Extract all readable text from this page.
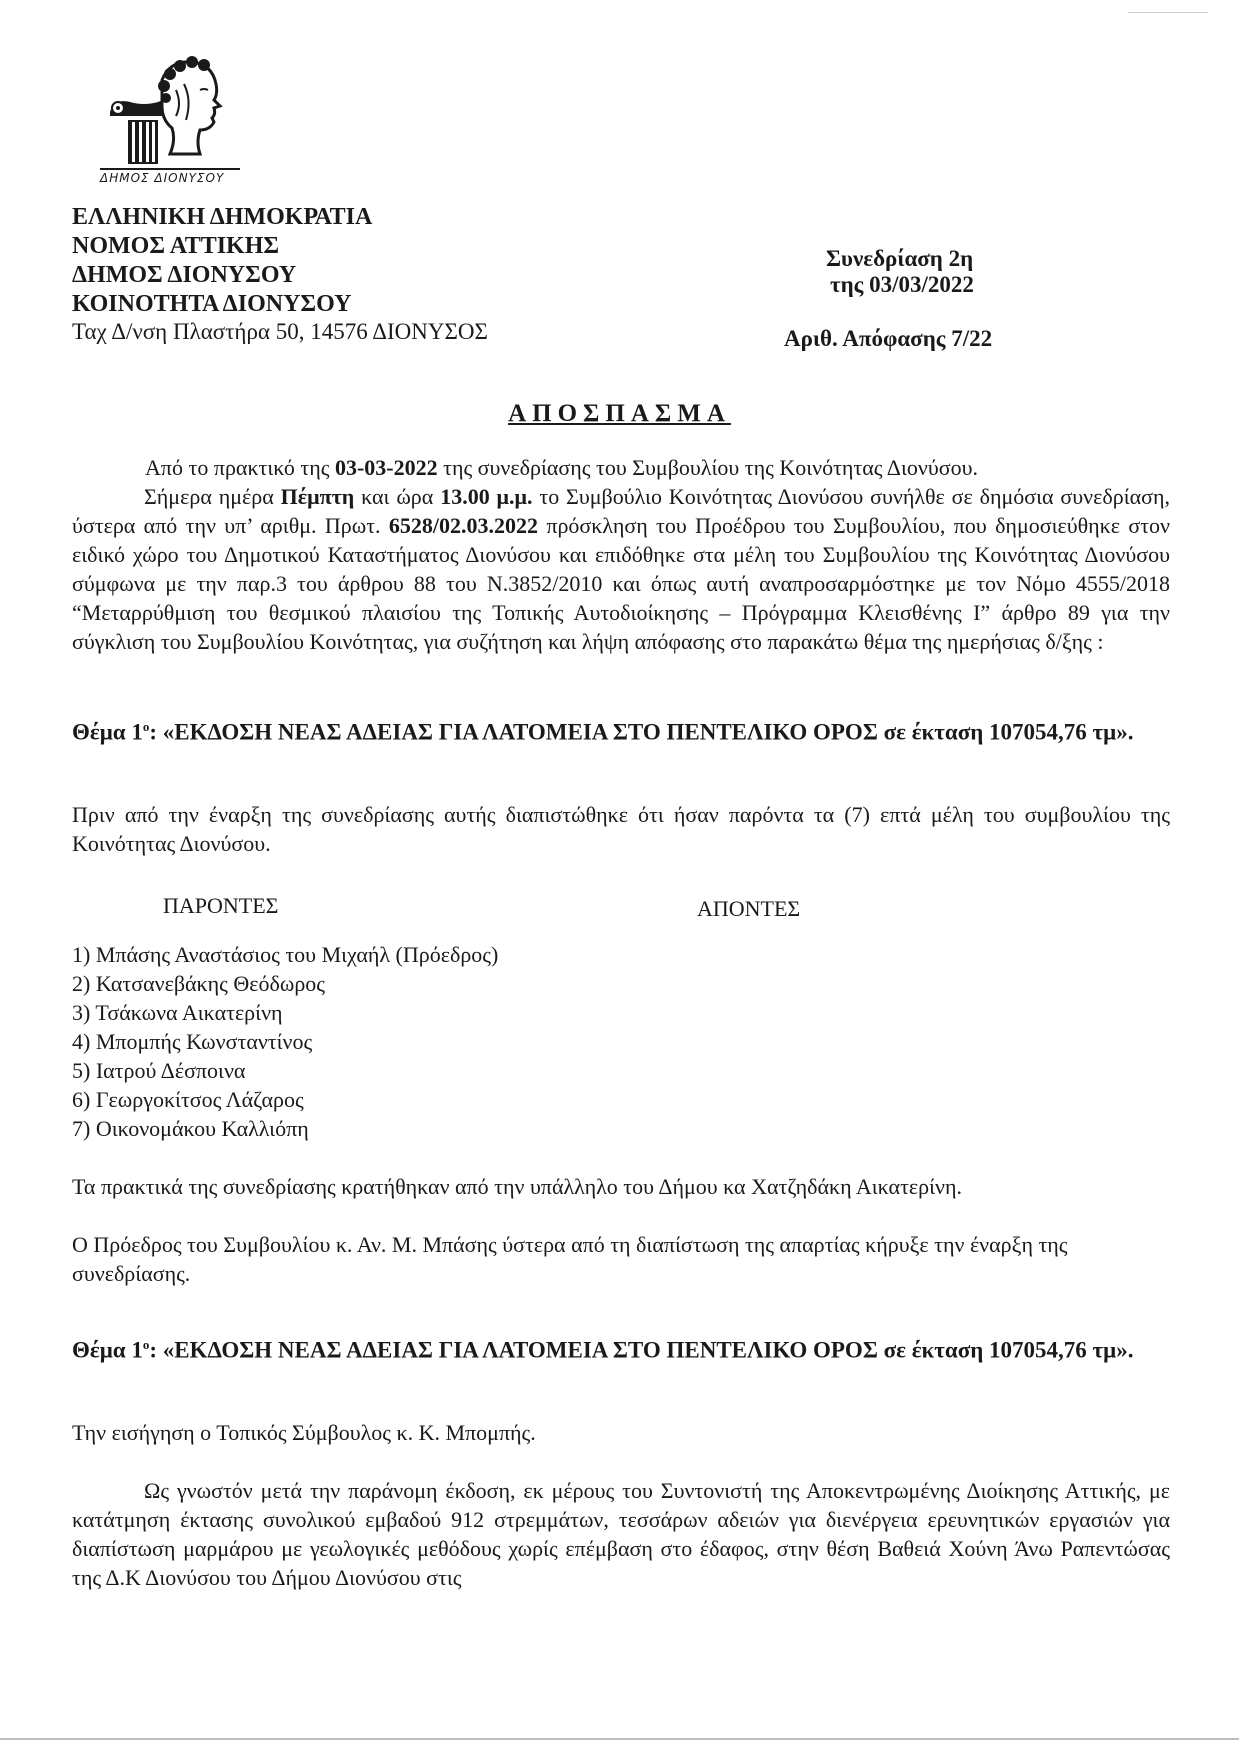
ΔΗΜΟΣ ΔΙΟΝΥΣΟΥ
ΕΛΛΗΝΙΚΗ ΔΗΜΟΚΡΑΤΙΑ
ΝΟΜΟΣ ΑΤΤΙΚΗΣ
ΔΗΜΟΣ ΔΙΟΝΥΣΟΥ
ΚΟΙΝΟΤΗΤΑ ΔΙΟΝΥΣΟΥ
Ταχ Δ/νση Πλαστήρα 50, 14576 ΔΙΟΝΥΣΟΣ
Συνεδρίαση 2η
της 03/03/2022
Αριθ. Απόφασης 7/22
ΑΠΟΣΠΑΣΜΑ
Από το πρακτικό της 03-03-2022 της συνεδρίασης του Συμβουλίου της Κοινότητας Διονύσου.
Σήμερα ημέρα Πέμπτη και ώρα 13.00 μ.μ. το Συμβούλιο Κοινότητας Διονύσου συνήλθε σε δημόσια συνεδρίαση, ύστερα από την υπ’ αριθμ. Πρωτ. 6528/02.03.2022 πρόσκληση του Προέδρου του Συμβουλίου, που δημοσιεύθηκε στον ειδικό χώρο του Δημοτικού Καταστήματος Διονύσου και επιδόθηκε στα μέλη του Συμβουλίου της Κοινότητας Διονύσου σύμφωνα με την παρ.3 του άρθρου 88 του Ν.3852/2010 και όπως αυτή αναπροσαρμόστηκε με τον Νόμο 4555/2018 “Μεταρρύθμιση του θεσμικού πλαισίου της Τοπικής Αυτοδιοίκησης – Πρόγραμμα Κλεισθένης Ι” άρθρο 89 για την σύγκλιση του Συμβουλίου Κοινότητας, για συζήτηση και λήψη απόφασης στο παρακάτω θέμα της ημερήσιας δ/ξης :
Θέμα $1^o$: «ΕΚΔΟΣΗ ΝΕΑΣ ΑΔΕΙΑΣ ΓΙΑ ΛΑΤΟΜΕΙΑ ΣΤΟ ΠΕΝΤΕΛΙΚΟ ΟΡΟΣ σε έκταση 107054,76 τμ».
Πριν από την έναρξη της συνεδρίασης αυτής διαπιστώθηκε ότι ήσαν παρόντα τα (7) επτά μέλη του συμβουλίου της Κοινότητας Διονύσου.
ΠΑΡΟΝΤΕΣ	ΑΠΟΝΤΕΣ
1) Μπάσης Αναστάσιος του Μιχαήλ (Πρόεδρος)
2) Κατσανεβάκης Θεόδωρος
3) Τσάκωνα Αικατερίνη
4) Μπομπής Κωνσταντίνος
5) Ιατρού Δέσποινα
6) Γεωργοκίτσος Λάζαρος
7) Οικονομάκου Καλλιόπη
Τα πρακτικά της συνεδρίασης κρατήθηκαν από την υπάλληλο του Δήμου κα Χατζηδάκη Αικατερίνη.
Ο Πρόεδρος του Συμβουλίου κ. Αν. Μ. Μπάσης ύστερα από τη διαπίστωση της απαρτίας κήρυξε την έναρξη της συνεδρίασης.
Θέμα $1^o$: «ΕΚΔΟΣΗ ΝΕΑΣ ΑΔΕΙΑΣ ΓΙΑ ΛΑΤΟΜΕΙΑ ΣΤΟ ΠΕΝΤΕΛΙΚΟ ΟΡΟΣ σε έκταση 107054,76 τμ».
Την εισήγηση ο Τοπικός Σύμβουλος κ. Κ. Μπομπής.
Ως γνωστόν μετά την παράνομη έκδοση, εκ μέρους του Συντονιστή της Αποκεντρωμένης Διοίκησης Αττικής, με κατάτμηση έκτασης συνολικού εμβαδού 912 στρεμμάτων, τεσσάρων αδειών για διενέργεια ερευνητικών εργασιών για διαπίστωση μαρμάρου με γεωλογικές μεθόδους χωρίς επέμβαση στο έδαφος, στην θέση Βαθειά Χούνη Άνω Ραπεντώσας της Δ.Κ Διονύσου του Δήμου Διονύσου στις
